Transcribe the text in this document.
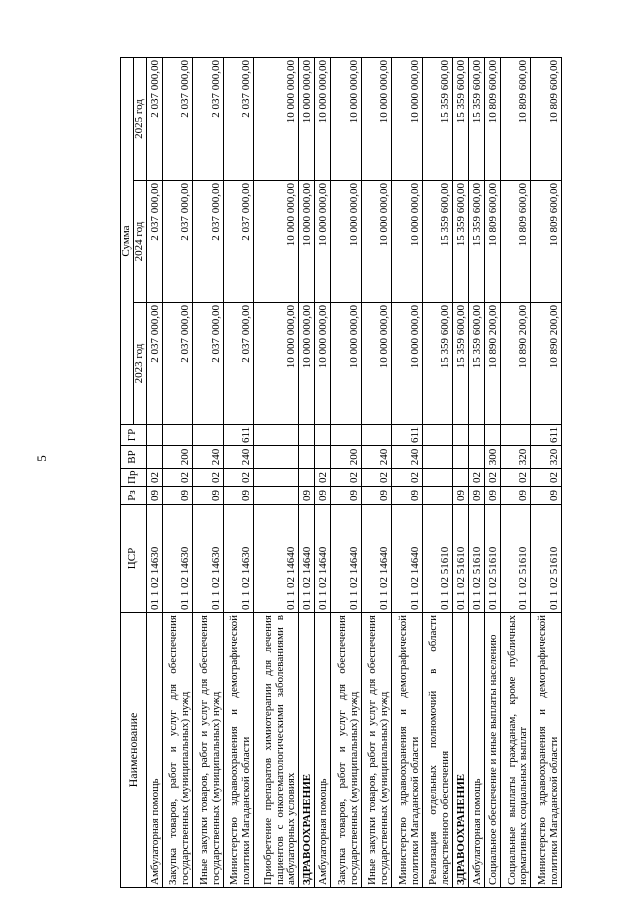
5
Наименование	ЦСР	Рз	Пр	ВР	ГР	Сумма		
						2023 год	2024 год	2025 год
Амбулаторная помощь	01 1 02 14630	09	02			2 037 000,00	2 037 000,00	2 037 000,00
Закупка товаров, работ и услуг для обеспечения государственных (муниципальных) нужд	01 1 02 14630	09	02	200		2 037 000,00	2 037 000,00	2 037 000,00
Иные закупки товаров, работ и услуг для обеспечения государственных (муниципальных) нужд	01 1 02 14630	09	02	240		2 037 000,00	2 037 000,00	2 037 000,00
Министерство здравоохранения и демографической политики Магаданской области	01 1 02 14630	09	02	240	611	2 037 000,00	2 037 000,00	2 037 000,00
Приобретение препаратов химиотерапии для лечения пациентов с онкогематологическими заболеваниями в амбулаторных условиях	01 1 02 14640					10 000 000,00	10 000 000,00	10 000 000,00
ЗДРАВООХРАНЕНИЕ	01 1 02 14640	09				10 000 000,00	10 000 000,00	10 000 000,00
Амбулаторная помощь	01 1 02 14640	09	02			10 000 000,00	10 000 000,00	10 000 000,00
Закупка товаров, работ и услуг для обеспечения государственных (муниципальных) нужд	01 1 02 14640	09	02	200		10 000 000,00	10 000 000,00	10 000 000,00
Иные закупки товаров, работ и услуг для обеспечения государственных (муниципальных) нужд	01 1 02 14640	09	02	240		10 000 000,00	10 000 000,00	10 000 000,00
Министерство здравоохранения и демографической политики Магаданской области	01 1 02 14640	09	02	240	611	10 000 000,00	10 000 000,00	10 000 000,00
Реализация отдельных полномочий в области лекарственного обеспечения	01 1 02 51610					15 359 600,00	15 359 600,00	15 359 600,00
ЗДРАВООХРАНЕНИЕ	01 1 02 51610	09				15 359 600,00	15 359 600,00	15 359 600,00
Амбулаторная помощь	01 1 02 51610	09	02			15 359 600,00	15 359 600,00	15 359 600,00
Социальное обеспечение и иные выплаты населению	01 1 02 51610	09	02	300		10 890 200,00	10 809 600,00	10 809 600,00
Социальные выплаты гражданам, кроме публичных нормативных социальных выплат	01 1 02 51610	09	02	320		10 890 200,00	10 809 600,00	10 809 600,00
Министерство здравоохранения и демографической политики Магаданской области	01 1 02 51610	09	02	320	611	10 890 200,00	10 809 600,00	10 809 600,00
